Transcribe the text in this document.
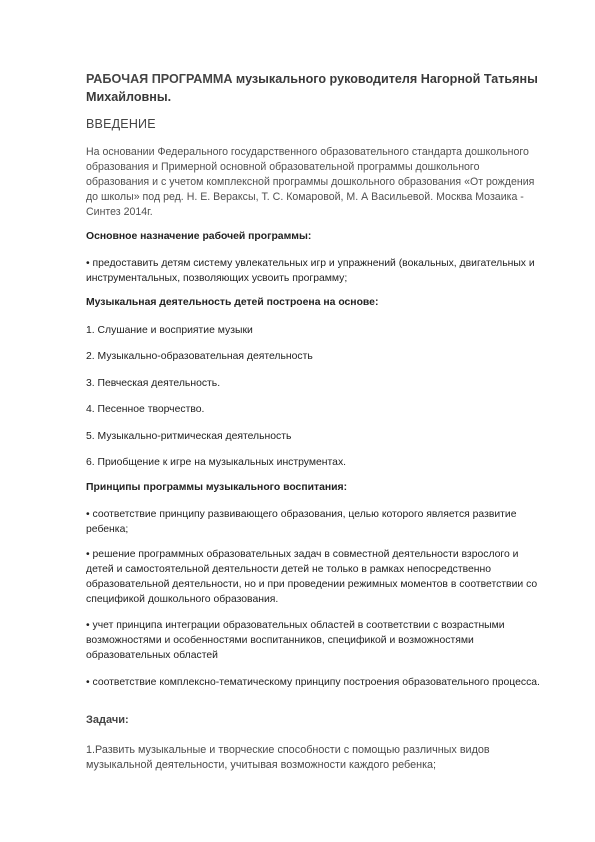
РАБОЧАЯ ПРОГРАММА музыкального руководителя Нагорной Татьяны Михайловны.
ВВЕДЕНИЕ
На основании Федерального государственного образовательного стандарта дошкольного образования и Примерной основной образовательной программы дошкольного образования и с учетом комплексной программы дошкольного образования «От рождения до школы» под ред. Н. Е. Вераксы, Т. С. Комаровой, М. А Васильевой. Москва Мозаика - Синтез 2014г.
Основное назначение рабочей программы:
• предоставить детям систему увлекательных игр и упражнений (вокальных, двигательных и инструментальных, позволяющих усвоить программу;
Музыкальная деятельность детей построена на основе:
1. Слушание и восприятие музыки
2. Музыкально-образовательная деятельность
3. Певческая деятельность.
4. Песенное творчество.
5. Музыкально-ритмическая деятельность
6. Приобщение к игре на музыкальных инструментах.
Принципы программы музыкального воспитания:
• соответствие принципу развивающего образования, целью которого является развитие ребенка;
• решение программных образовательных задач в совместной деятельности взрослого и детей и самостоятельной деятельности детей не только в рамках непосредственно образовательной деятельности, но и при проведении режимных моментов в соответствии со спецификой дошкольного образования.
• учет принципа интеграции образовательных областей в соответствии с возрастными возможностями и особенностями воспитанников, спецификой и возможностями образовательных областей
• соответствие комплексно-тематическому принципу построения образовательного процесса.
Задачи:
1.Развить музыкальные и творческие способности с помощью различных видов музыкальной деятельности, учитывая возможности каждого ребенка;
